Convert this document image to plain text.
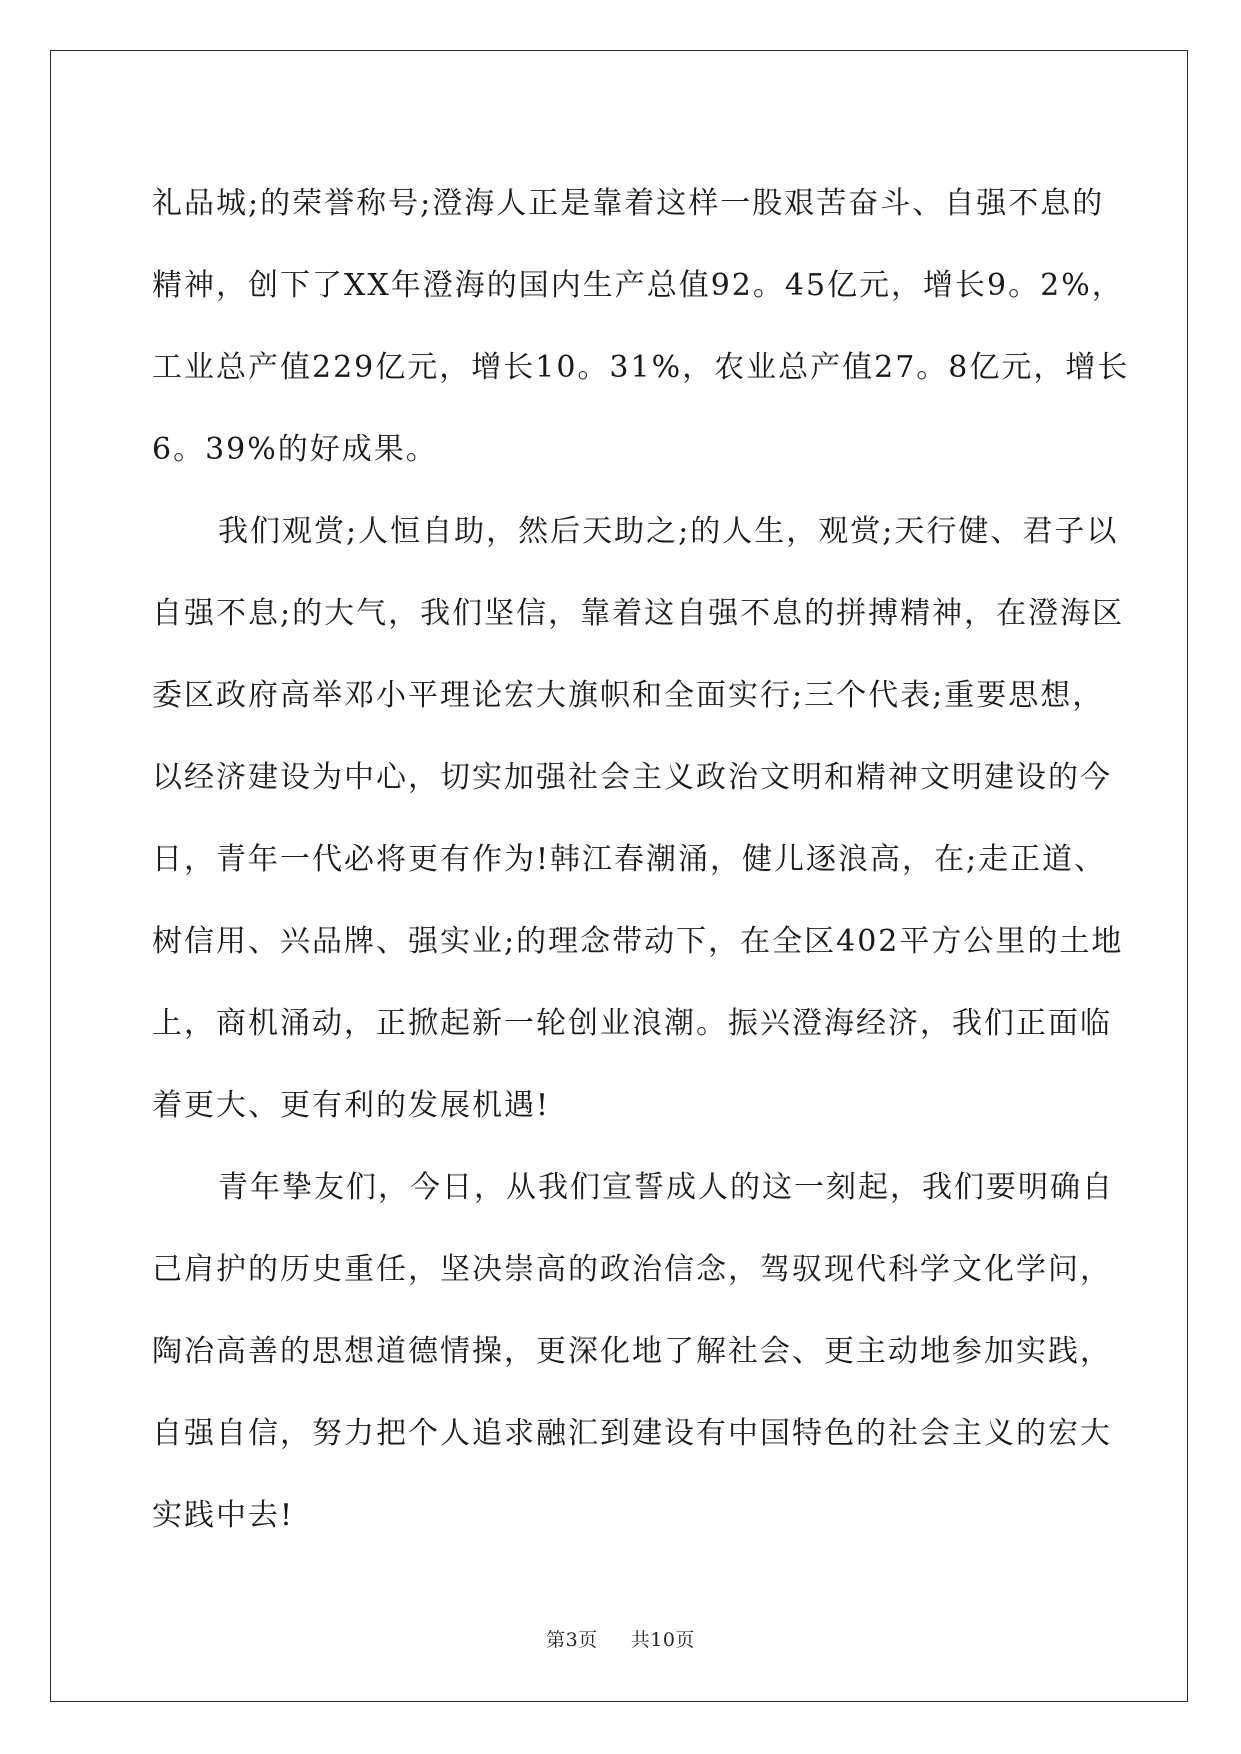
礼品城;的荣誉称号;澄海人正是靠着这样一股艰苦奋斗、自强不息的
精神，创下了XX年澄海的国内生产总值92。45亿元，增长9。2%，
工业总产值229亿元，增长10。31%，农业总产值27。8亿元，增长
6。39%的好成果。
我们观赏;人恒自助，然后天助之;的人生，观赏;天行健、君子以
自强不息;的大气，我们坚信，靠着这自强不息的拼搏精神，在澄海区
委区政府高举邓小平理论宏大旗帜和全面实行;三个代表;重要思想，
以经济建设为中心，切实加强社会主义政治文明和精神文明建设的今
日，青年一代必将更有作为!韩江春潮涌，健儿逐浪高，在;走正道、
树信用、兴品牌、强实业;的理念带动下，在全区402平方公里的土地
上，商机涌动，正掀起新一轮创业浪潮。振兴澄海经济，我们正面临
着更大、更有利的发展机遇!
青年挚友们，今日，从我们宣誓成人的这一刻起，我们要明确自
己肩护的历史重任，坚决崇高的政治信念，驾驭现代科学文化学问，
陶冶高善的思想道德情操，更深化地了解社会、更主动地参加实践，
自强自信，努力把个人追求融汇到建设有中国特色的社会主义的宏大
实践中去!
第3页 共10页
